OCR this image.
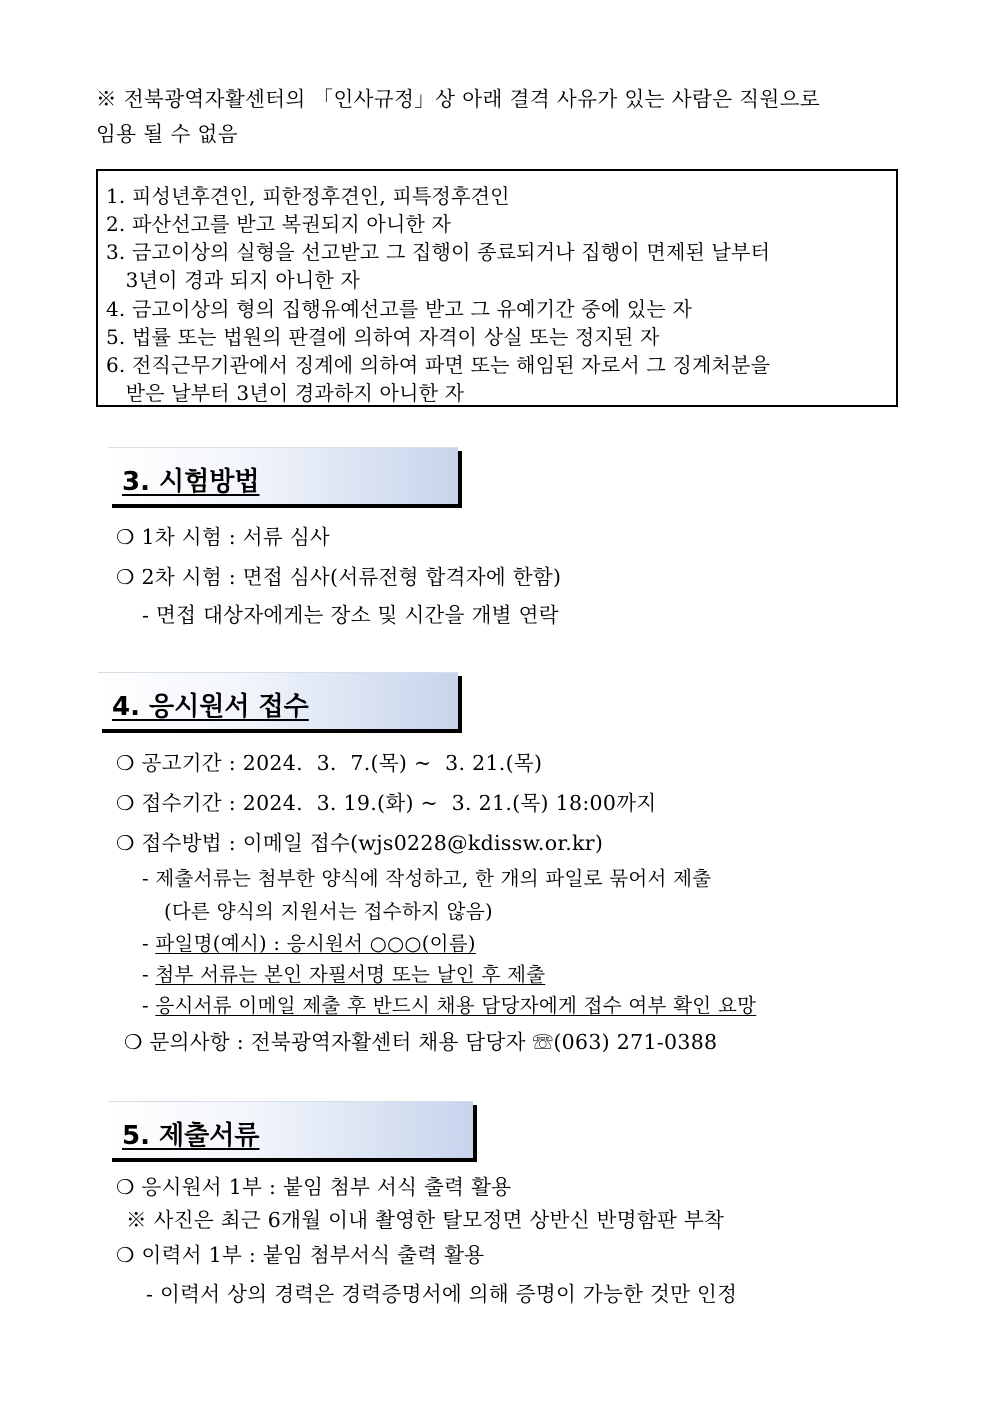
※ 전북광역자활센터의 「인사규정」상 아래 결격 사유가 있는 사람은 직원으로
임용 될 수 없음
1. 피성년후견인, 피한정후견인, 피특정후견인
2. 파산선고를 받고 복권되지 아니한 자
3. 금고이상의 실형을 선고받고 그 집행이 종료되거나 집행이 면제된 날부터
3년이 경과 되지 아니한 자
4. 금고이상의 형의 집행유예선고를 받고 그 유예기간 중에 있는 자
5. 법률 또는 법원의 판결에 의하여 자격이 상실 또는 정지된 자
6. 전직근무기관에서 징계에 의하여 파면 또는 해임된 자로서 그 징계처분을
받은 날부터 3년이 경과하지 아니한 자
3. 시험방법
❍ 1차 시험 : 서류 심사
❍ 2차 시험 : 면접 심사(서류전형 합격자에 한함)
- 면접 대상자에게는 장소 및 시간을 개별 연락
4. 응시원서 접수
❍ 공고기간 : 2024.  3.  7.(목) ~  3. 21.(목)
❍ 접수기간 : 2024.  3. 19.(화) ~  3. 21.(목) 18:00까지
❍ 접수방법 : 이메일 접수(wjs0228@kdissw.or.kr)
- 제출서류는 첨부한 양식에 작성하고, 한 개의 파일로 묶어서 제출
(다른 양식의 지원서는 접수하지 않음)
- 파일명(예시) : 응시원서 ○○○(이름)
- 첨부 서류는 본인 자필서명 또는 날인 후 제출
- 응시서류 이메일 제출 후 반드시 채용 담당자에게 접수 여부 확인 요망
❍ 문의사항 : 전북광역자활센터 채용 담당자 ☏(063) 271-0388
5. 제출서류
❍ 응시원서 1부 : 붙임 첨부 서식 출력 활용
※ 사진은 최근 6개월 이내 촬영한 탈모정면 상반신 반명함판 부착
❍ 이력서 1부 : 붙임 첨부서식 출력 활용
- 이력서 상의 경력은 경력증명서에 의해 증명이 가능한 것만 인정
